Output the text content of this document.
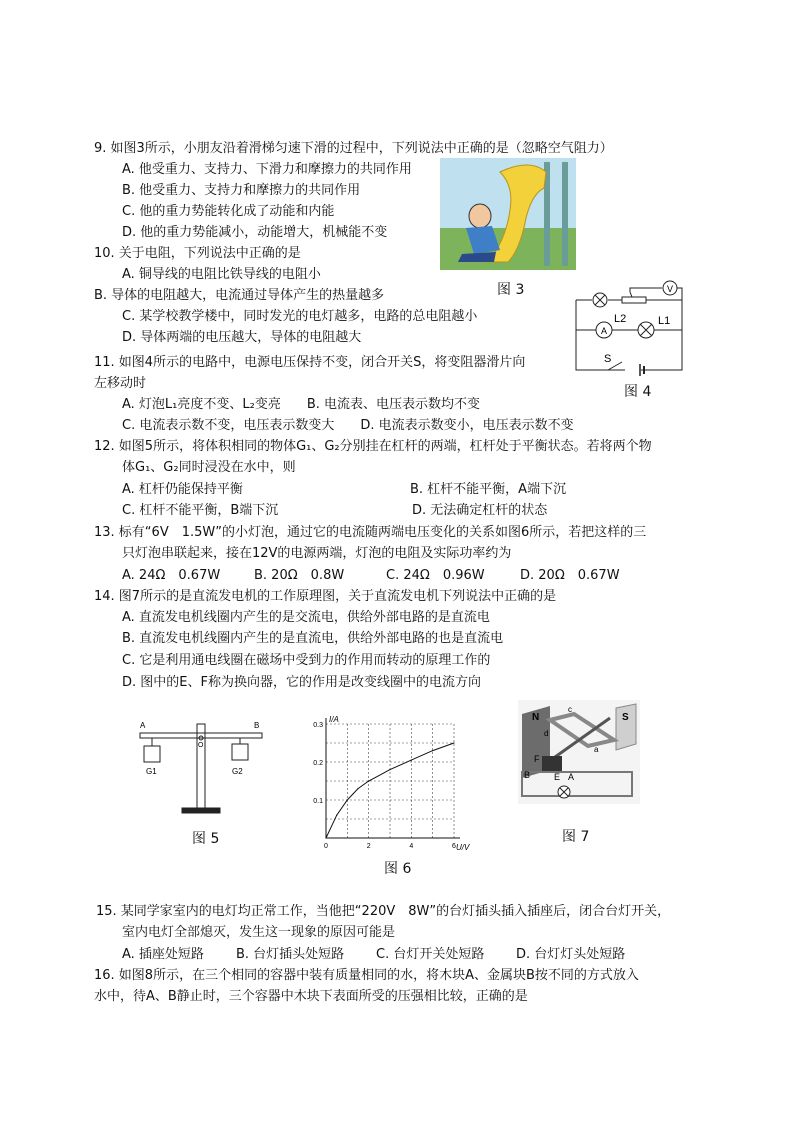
9. 如图3所示，小朋友沿着滑梯匀速下滑的过程中，下列说法中正确的是（忽略空气阻力）
A. 他受重力、支持力、下滑力和摩擦力的共同作用
B. 他受重力、支持力和摩擦力的共同作用
C. 他的重力势能转化成了动能和内能
D. 他的重力势能减小，动能增大，机械能不变
图 3
10. 关于电阻，下列说法中正确的是
A. 铜导线的电阻比铁导线的电阻小
B. 导体的电阻越大，电流通过导体产生的热量越多
C. 某学校教学楼中，同时发光的电灯越多，电路的总电阻越小
D. 导体两端的电压越大，导体的电阻越大
V
A
L2	L1
S
图 4
11. 如图4所示的电路中，电源电压保持不变，闭合开关S，将变阻器滑片向
左移动时
A. 灯泡L₁亮度不变、L₂变亮　　B. 电流表、电压表示数均不变
C. 电流表示数不变，电压表示数变大　　D. 电流表示数变小，电压表示数不变
12. 如图5所示，将体积相同的物体G₁、G₂分别挂在杠杆的两端，杠杆处于平衡状态。若将两个物
体G₁、G₂同时浸没在水中，则
A. 杠杆仍能保持平衡	B. 杠杆不能平衡，A端下沉
C. 杠杆不能平衡，B端下沉	D. 无法确定杠杆的状态
13. 标有“6V　1.5W”的小灯泡，通过它的电流随两端电压变化的关系如图6所示，若把这样的三
只灯泡串联起来，接在12V的电源两端，灯泡的电阻及实际功率约为
A. 24Ω　0.67W	B. 20Ω　0.8W	C. 24Ω　0.96W	D. 20Ω　0.67W
14. 图7所示的是直流发电机的工作原理图，关于直流发电机下列说法中正确的是
A. 直流发电机线圈内产生的是交流电，供给外部电路的是直流电
B. 直流发电机线圈内产生的是直流电，供给外部电路的也是直流电
C. 它是利用通电线圈在磁场中受到力的作用而转动的原理工作的
D. 图中的E、F称为换向器，它的作用是改变线圈中的电流方向
A	B
O
G1	G2
图 5
I/A
U/V
0	2	4	6
0.1
0.2
0.3
图 6
N	S
c
d
a
B	E
F
A
图 7
15. 某同学家室内的电灯均正常工作，当他把“220V　8W”的台灯插头插入插座后，闭合台灯开关，
室内电灯全部熄灭，发生这一现象的原因可能是
A. 插座处短路 B. 台灯插头处短路 C. 台灯开关处短路 D. 台灯灯头处短路
16. 如图8所示，在三个相同的容器中装有质量相同的水，将木块A、金属块B按不同的方式放入
水中，待A、B静止时，三个容器中木块下表面所受的压强相比较，正确的是
